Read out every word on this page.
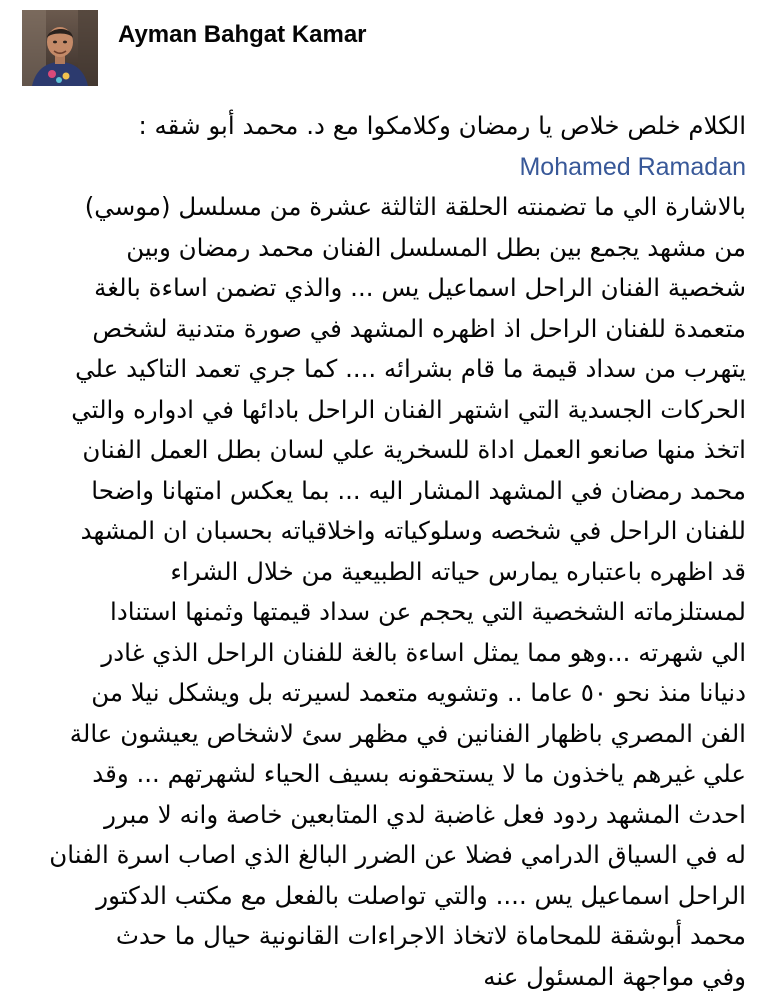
Ayman Bahgat Kamar
الكلام خلص خلاص يا رمضان وكلامكوا مع د. محمد أبو شقه :
Mohamed Ramadan
بالاشارة الي ما تضمنته الحلقة الثالثة عشرة من مسلسل (موسي)
من مشهد يجمع بين بطل المسلسل الفنان محمد رمضان وبين
شخصية الفنان الراحل اسماعيل يس ... والذي تضمن اساءة بالغة
متعمدة للفنان الراحل اذ اظهره المشهد في صورة متدنية لشخص
يتهرب من سداد قيمة ما قام بشرائه .... كما جري تعمد التاكيد علي
الحركات الجسدية التي اشتهر الفنان الراحل بادائها في ادواره والتي
اتخذ منها صانعو العمل اداة للسخرية علي لسان بطل العمل الفنان
محمد رمضان في المشهد المشار اليه ... بما يعكس امتهانا واضحا
للفنان الراحل في شخصه وسلوكياته واخلاقياته بحسبان ان المشهد
قد اظهره باعتباره يمارس حياته الطبيعية من خلال الشراء
لمستلزماته الشخصية التي يحجم عن سداد قيمتها وثمنها استنادا
الي شهرته ...وهو مما يمثل اساءة بالغة للفنان الراحل الذي غادر
دنيانا منذ نحو ٥٠ عاما .. وتشويه متعمد لسيرته بل ويشكل نيلا من
الفن المصري باظهار الفنانين في مظهر سئ لاشخاص يعيشون عالة
علي غيرهم ياخذون ما لا يستحقونه بسيف الحياء لشهرتهم ... وقد
احدث المشهد ردود فعل غاضبة لدي المتابعين خاصة وانه لا مبرر
له في السياق الدرامي فضلا عن الضرر البالغ الذي اصاب اسرة الفنان
الراحل اسماعيل يس .... والتي تواصلت بالفعل مع مكتب الدكتور
محمد أبوشقة للمحاماة لاتخاذ الاجراءات القانونية حيال ما حدث
وفي مواجهة المسئول عنه
